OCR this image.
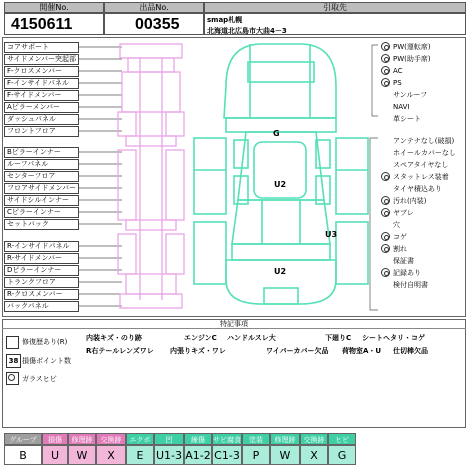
開催No.
4150611
出品No.
00355
引取先
smap札幌
北海道北広島市大曲4－3
コアサポート
サイドメンバー突起部
F-クロスメンバー
F-インサイドパネル
F-サイドメンバー
Aピラーメンバー
ダッシュパネル
フロントフロア
Bピラーインナー
ルーフパネル
センターフロア
フロアサイドメンバー
サイドシルインナー
Cピラーインナー
セットバック
R-インサイドパネル
R-サイドメンバー
Dピラーインナー
トランクフロア
R-クロスメンバー
バックパネル
G
U2
U3
U2
PW(運転席)
PW(助手席)
AC
PS
サンルーフ
NAVI
革シート
アンテナなし(破損)
ホイールカバーなし
スペアタイヤなし
スタットレス装着
タイヤ積込あり
汚れ(内装)
ヤブレ
穴
コゲ
割れ
保証書
記録あり
検付自明書
特記事項
修復歴あり(R)
38 損傷ポイント数
ガラスヒビ
内装キズ・のり跡	エンジンC ハンドルスレ大	下廻りC シートヘタリ・コゲ
R右テールレンズワレ 内張りキズ・ワレ	ワイパーカバー欠品 荷物室A・U 仕切棒欠品
グループ	損傷	修理跡	交換跡	エクボ	凹	線傷	サビ腐食	塗装	修理跡	交換跡	ヒビ
B	U	W	X	E	U1-3 A1-2 C1-3	P	W	X	G
